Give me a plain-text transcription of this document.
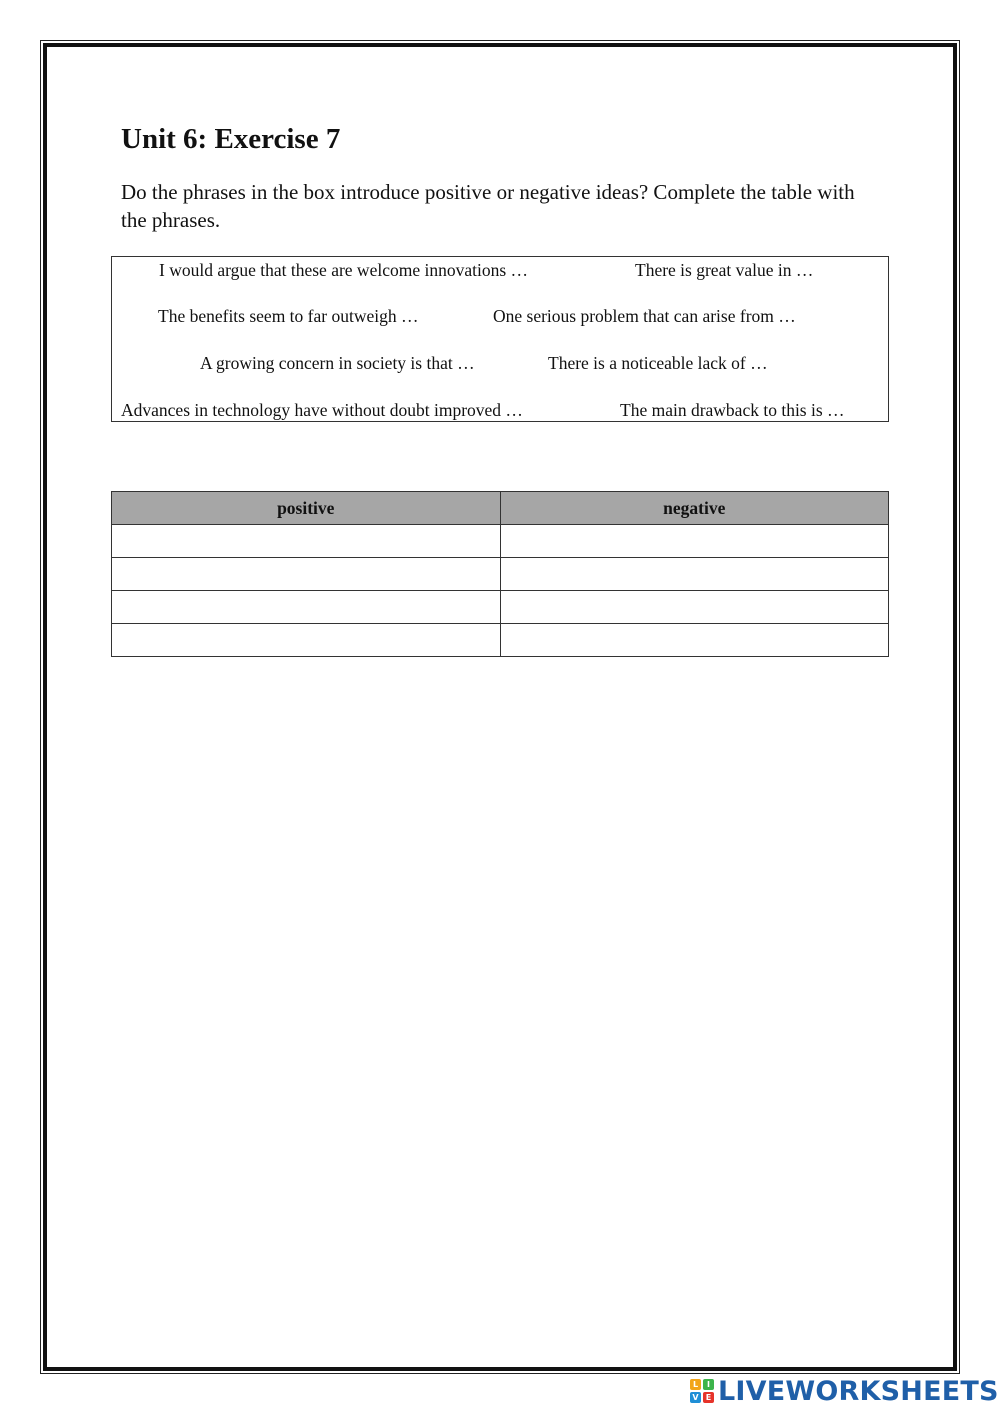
Unit 6: Exercise 7

Do the phrases in the box introduce positive or negative ideas? Complete the table with the phrases.

I would argue that these are welcome innovations …	There is great value in …
The benefits seem to far outweigh …	One serious problem that can arise from …
A growing concern in society is that …	There is a noticeable lack of …
Advances in technology have without doubt improved …	The main drawback to this is …
positive	negative

L	I
V E LIVEWORKSHEETS
